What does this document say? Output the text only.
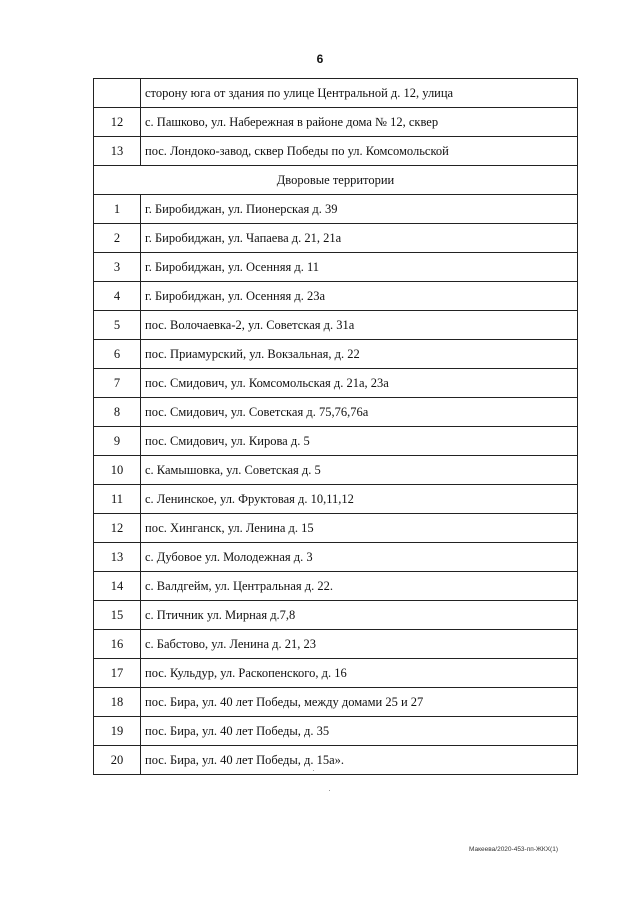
6
	сторону юга от здания по улице Центральной д. 12, улица
12	с. Пашково, ул. Набережная в районе дома № 12, сквер
13	пос. Лондоко-завод, сквер Победы по ул. Комсомольской
Дворовые территории	
1	г. Биробиджан, ул. Пионерская д. 39
2	г. Биробиджан, ул. Чапаева д. 21, 21а
3	г. Биробиджан, ул. Осенняя д. 11
4	г. Биробиджан, ул. Осенняя д. 23а
5	пос. Волочаевка-2, ул. Советская д. 31а
6	пос. Приамурский, ул. Вокзальная, д. 22
7	пос. Смидович, ул. Комсомольская д. 21а, 23а
8	пос. Смидович, ул. Советская д. 75,76,76а
9	пос. Смидович, ул. Кирова д. 5
10	с. Камышовка, ул. Советская д. 5
11	с. Ленинское, ул. Фруктовая д. 10,11,12
12	пос. Хинганск, ул. Ленина д. 15
13	с. Дубовое ул. Молодежная д. 3
14	с. Валдгейм, ул. Центральная д. 22.
15	с. Птичник ул. Мирная д.7,8
16	с. Бабстово, ул. Ленина д. 21, 23
17	пос. Кульдур, ул. Раскопенского, д. 16
18	пос. Бира, ул. 40 лет Победы, между домами 25 и 27
19	пос. Бира, ул. 40 лет Победы, д. 35
20	пос. Бира, ул. 40 лет Победы, д. 15а».
Макеева/2020-453-пп-ЖКХ(1)
